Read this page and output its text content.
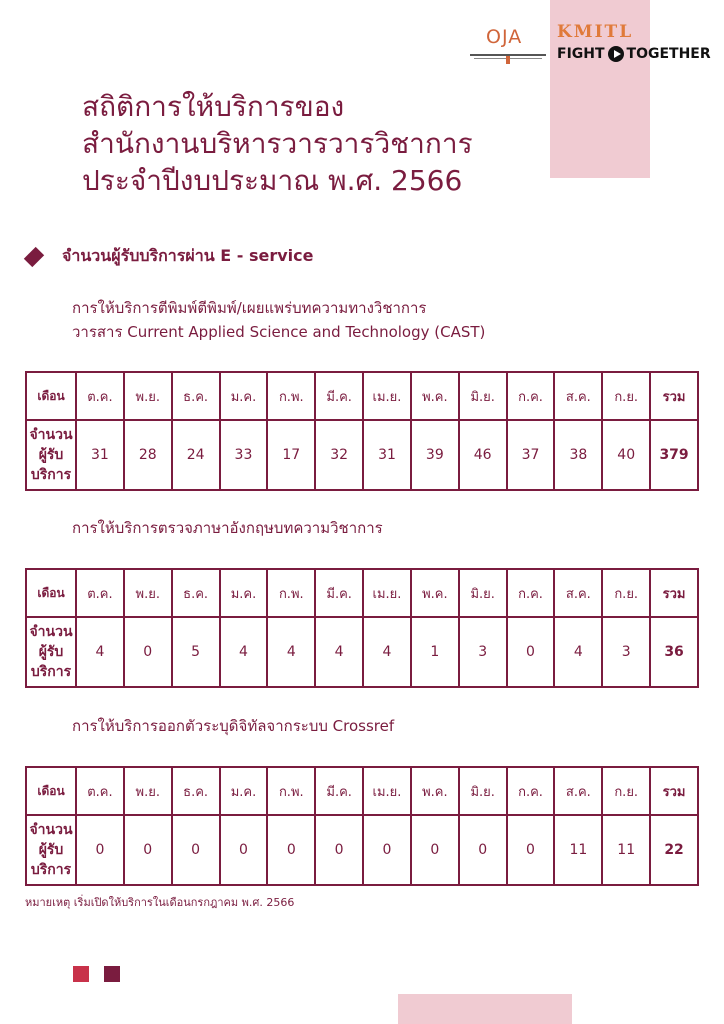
OJA KMITL
FIGHT TOGETHER
สถิติการให้บริการของ
สำนักงานบริหารวารวารวิชาการ
ประจำปีงบประมาณ พ.ศ. 2566
จำนวนผู้รับบริการผ่าน E - service
การให้บริการตีพิมพ์ตีพิมพ์/เผยแพร่บทความทางวิชาการ
วารสาร Current Applied Science and Technology (CAST)
เดือน	ต.ค.	พ.ย.	ธ.ค.	ม.ค.	ก.พ.	มี.ค.	เม.ย.	พ.ค.	มิ.ย.	ก.ค.	ส.ค.	ก.ย.	รวม

จำนวน
ผู้รับ
บริการ	31	28	24	33	17	32	31	39	46	37	38	40	379
การให้บริการตรวจภาษาอังกฤษบทความวิชาการ
เดือน	ต.ค.	พ.ย.	ธ.ค.	ม.ค.	ก.พ.	มี.ค.	เม.ย.	พ.ค.	มิ.ย.	ก.ค.	ส.ค.	ก.ย.	รวม

จำนวน
ผู้รับ
บริการ	4	0	5	4	4	4	4	1	3	0	4	3	36
การให้บริการออกตัวระบุดิจิทัลจากระบบ Crossref
เดือน	ต.ค.	พ.ย.	ธ.ค.	ม.ค.	ก.พ.	มี.ค.	เม.ย.	พ.ค.	มิ.ย.	ก.ค.	ส.ค.	ก.ย.	รวม

จำนวน
ผู้รับ
บริการ	0	0	0	0	0	0	0	0	0	0	11	11	22
หมายเหตุ เริ่มเปิดให้บริการในเดือนกรกฎาคม พ.ศ. 2566
